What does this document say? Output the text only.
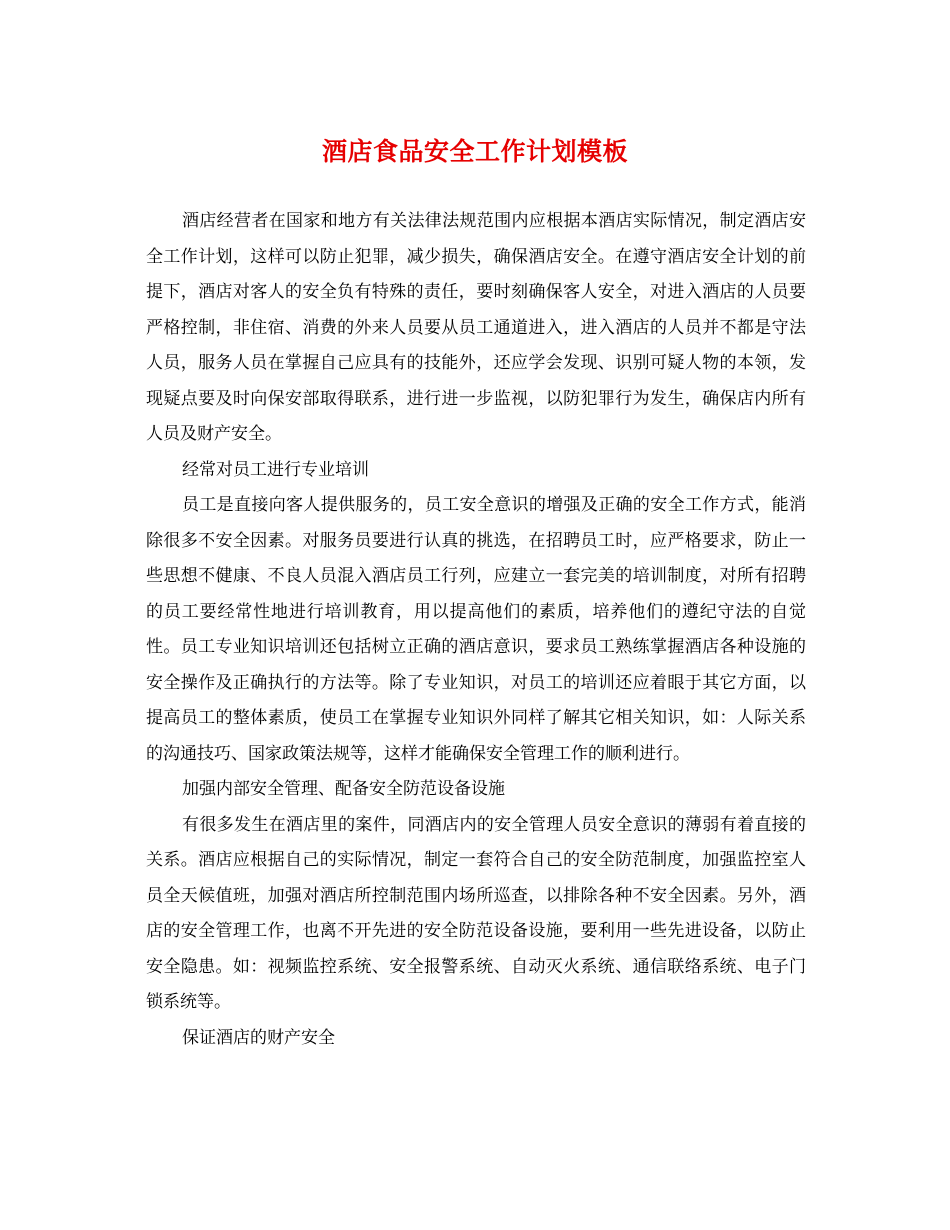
酒店食品安全工作计划模板

酒店经营者在国家和地方有关法律法规范围内应根据本酒店实际情况，制定酒店安全工作计划，这样可以防止犯罪，减少损失，确保酒店安全。在遵守酒店安全计划的前提下，酒店对客人的安全负有特殊的责任，要时刻确保客人安全，对进入酒店的人员要严格控制，非住宿、消费的外来人员要从员工通道进入，进入酒店的人员并不都是守法人员，服务人员在掌握自己应具有的技能外，还应学会发现、识别可疑人物的本领，发现疑点要及时向保安部取得联系，进行进一步监视，以防犯罪行为发生，确保店内所有人员及财产安全。

经常对员工进行专业培训

员工是直接向客人提供服务的，员工安全意识的增强及正确的安全工作方式，能消除很多不安全因素。对服务员要进行认真的挑选，在招聘员工时，应严格要求，防止一些思想不健康、不良人员混入酒店员工行列，应建立一套完美的培训制度，对所有招聘的员工要经常性地进行培训教育，用以提高他们的素质，培养他们的遵纪守法的自觉性。员工专业知识培训还包括树立正确的酒店意识，要求员工熟练掌握酒店各种设施的安全操作及正确执行的方法等。除了专业知识，对员工的培训还应着眼于其它方面，以提高员工的整体素质，使员工在掌握专业知识外同样了解其它相关知识，如：人际关系的沟通技巧、国家政策法规等，这样才能确保安全管理工作的顺利进行。

加强内部安全管理、配备安全防范设备设施

有很多发生在酒店里的案件，同酒店内的安全管理人员安全意识的薄弱有着直接的关系。酒店应根据自己的实际情况，制定一套符合自己的安全防范制度，加强监控室人员全天候值班，加强对酒店所控制范围内场所巡查，以排除各种不安全因素。另外，酒店的安全管理工作，也离不开先进的安全防范设备设施，要利用一些先进设备，以防止安全隐患。如：视频监控系统、安全报警系统、自动灭火系统、通信联络系统、电子门锁系统等。

保证酒店的财产安全
